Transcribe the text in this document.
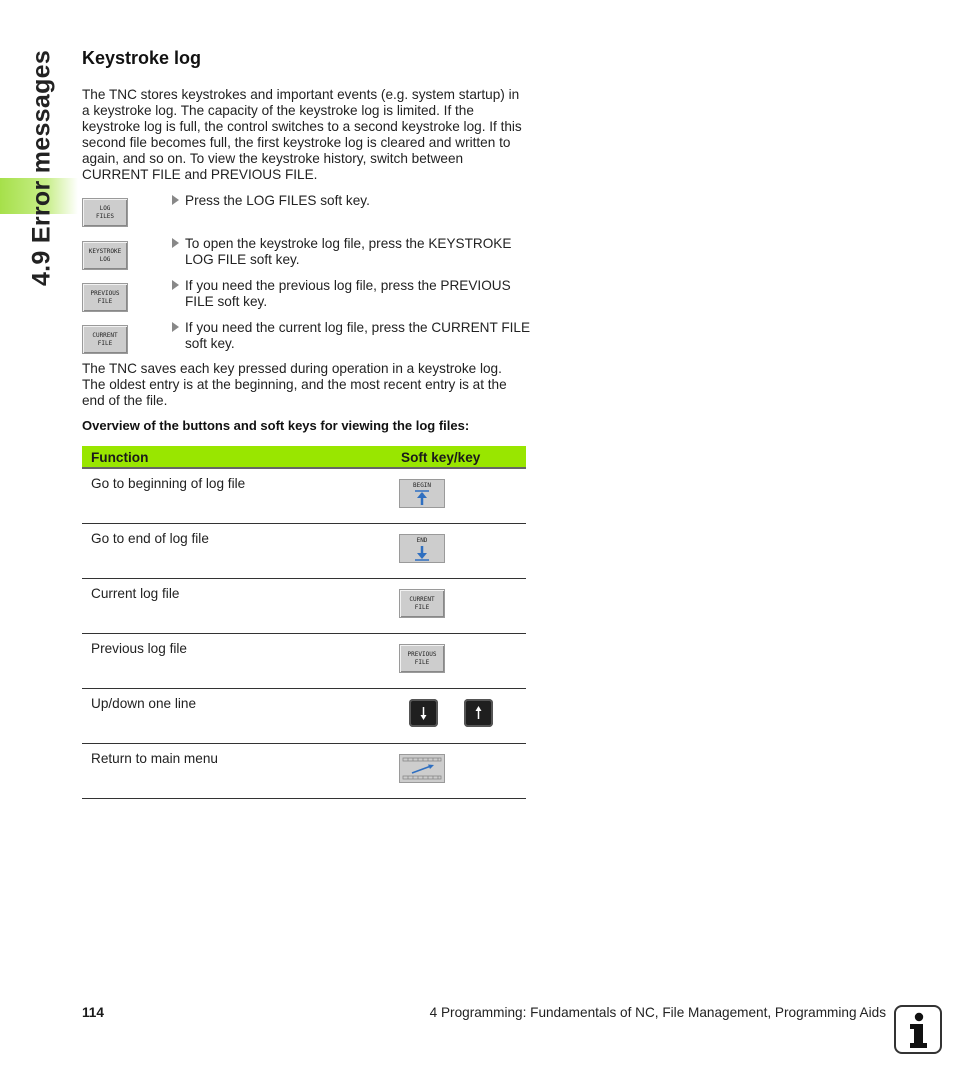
4.9 Error messages Keystroke log

The TNC stores keystrokes and important events (e.g. system startup) in a keystroke log. The capacity of the keystroke log is limited. If the keystroke log is full, the control switches to a second keystroke log. If this second file becomes full, the first keystroke log is cleared and written to again, and so on. To view the keystroke history, switch between CURRENT FILE and PREVIOUS FILE.

LOG
FILES
Press the LOG FILES soft key.
KEYSTROKE
LOG
To open the keystroke log file, press the KEYSTROKE LOG FILE soft key.
PREVIOUS
FILE
If you need the previous log file, press the PREVIOUS FILE soft key.
CURRENT
FILE
If you need the current log file, press the CURRENT FILE soft key.

The TNC saves each key pressed during operation in a keystroke log. The oldest entry is at the beginning, and the most recent entry is at the end of the file.

Overview of the buttons and soft keys for viewing the log files:

Function	Soft key/key
Go to beginning of log file	BEGIN

Go to end of log file	END

Current log file	CURRENT
FILE

Previous log file	PREVIOUS
FILE

Up/down one line	

Return to main menu	
114	4 Programming: Fundamentals of NC, File Management, Programming Aids
